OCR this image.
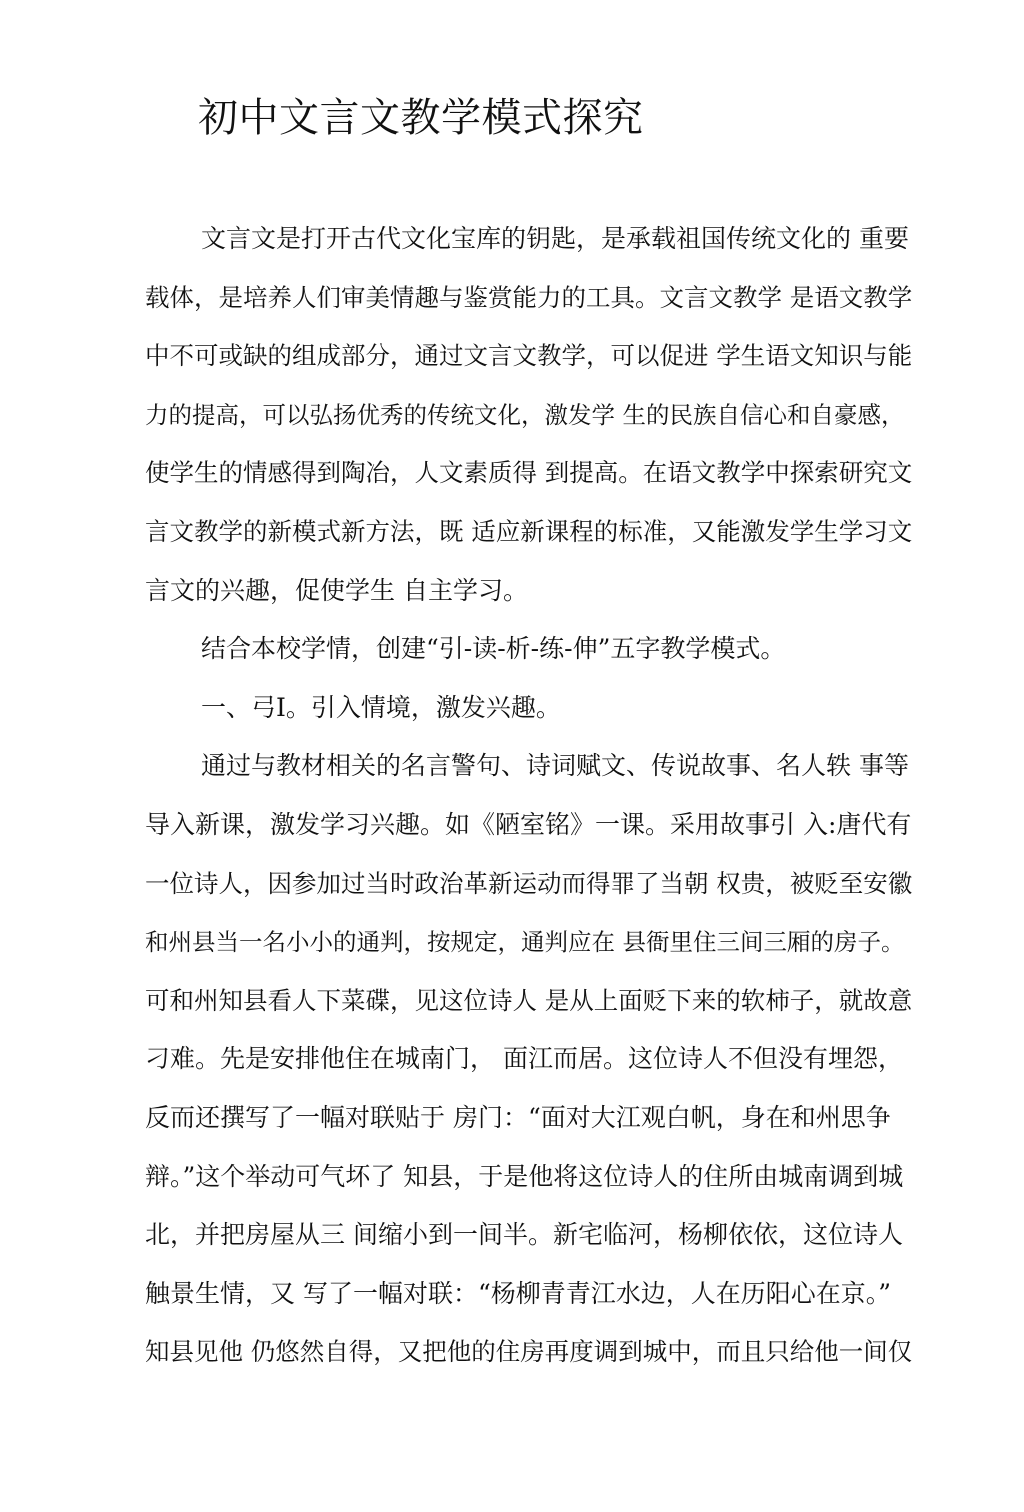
初中文言文教学模式探究
文言文是打开古代文化宝库的钥匙，是承载祖国传统文化的 重要
载体，是培养人们审美情趣与鉴赏能力的工具。文言文教学 是语文教学
中不可或缺的组成部分，通过文言文教学，可以促进 学生语文知识与能
力的提高，可以弘扬优秀的传统文化，激发学 生的民族自信心和自豪感，
使学生的情感得到陶冶，人文素质得 到提高。在语文教学中探索研究文
言文教学的新模式新方法，既 适应新课程的标准，又能激发学生学习文
言文的兴趣，促使学生 自主学习。
结合本校学情，创建“引-读-析-练-伸”五字教学模式。
一、弓I。引入情境，激发兴趣。
通过与教材相关的名言警句、诗词赋文、传说故事、名人轶 事等
导入新课，激发学习兴趣。如《陋室铭》一课。采用故事引 入:唐代有
一位诗人，因参加过当时政治革新运动而得罪了当朝 权贵，被贬至安徽
和州县当一名小小的通判，按规定，通判应在 县衙里住三间三厢的房子。
可和州知县看人下菜碟，见这位诗人 是从上面贬下来的软柿子，就故意
刁难。先是安排他住在城南门， 面江而居。这位诗人不但没有埋怨，
反而还撰写了一幅对联贴于 房门：“面对大江观白帆，身在和州思争
辩。”这个举动可气坏了 知县，于是他将这位诗人的住所由城南调到城
北，并把房屋从三 间缩小到一间半。新宅临河，杨柳依依，这位诗人
触景生情，又 写了一幅对联：“杨柳青青江水边，人在历阳心在京。”
知县见他 仍悠然自得，又把他的住房再度调到城中，而且只给他一间仅
